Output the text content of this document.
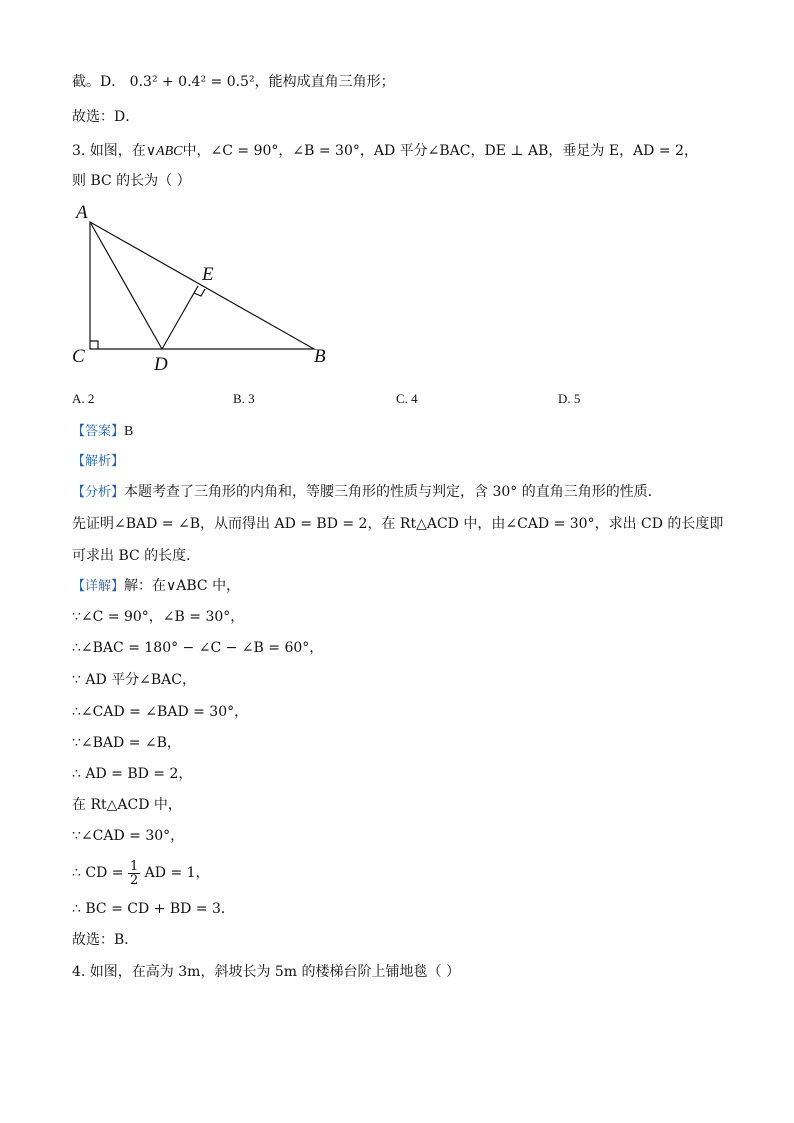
截。D． 0.3² + 0.4² = 0.5²，能构成直角三角形；
故选：D．
3. 如图，在∨ABC中，∠C = 90°，∠B = 30°，AD 平分∠BAC，DE ⊥ AB，垂足为 E，AD = 2，
则 BC 的长为（ ）
A
E
C	D	B
A. 2	B. 3	C. 4	D. 5
【答案】B
【解析】
【分析】本题考查了三角形的内角和，等腰三角形的性质与判定，含 30° 的直角三角形的性质．
先证明∠BAD = ∠B，从而得出 AD = BD = 2，在 Rt△ACD 中，由∠CAD = 30°，求出 CD 的长度即
可求出 BC 的长度．
【详解】解：在∨ABC 中，
∵∠C = 90°，∠B = 30°，
∴∠BAC = 180° − ∠C − ∠B = 60°，
∵ AD 平分∠BAC，
∴∠CAD = ∠BAD = 30°，
∵∠BAD = ∠B，
∴ AD = BD = 2，
在 Rt△ACD 中，
∵∠CAD = 30°，
∴ CD = $\frac{1}{2}$ AD = 1，
∴ BC = CD + BD = 3．
故选：B．
4. 如图，在高为 3m，斜坡长为 5m 的楼梯台阶上铺地毯（ ）
